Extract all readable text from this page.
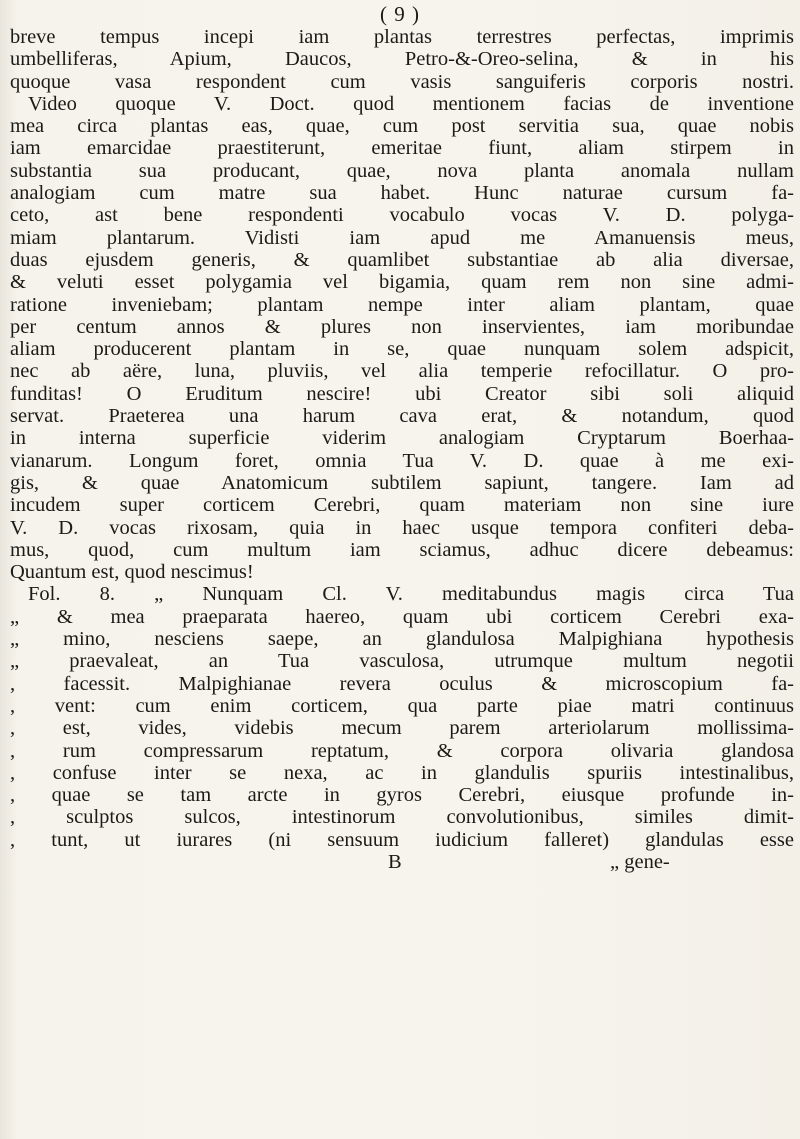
( 9 )
breve tempus incepi iam plantas terrestres perfectas, imprimis
umbelliferas, Apium, Daucos, Petro-&-Oreo-selina, & in his
quoque vasa respondent cum vasis sanguiferis corporis nostri.
Video quoque V. Doct. quod mentionem facias de inventione
mea circa plantas eas, quae, cum post servitia sua, quae nobis
iam emarcidae praestiterunt, emeritae fiunt, aliam stirpem in
substantia sua producant, quae, nova planta anomala nullam
analogiam cum matre sua habet. Hunc naturae cursum fa-
ceto, ast bene respondenti vocabulo vocas V. D. polyga-
miam plantarum. Vidisti iam apud me Amanuensis meus,
duas ejusdem generis, & quamlibet substantiae ab alia diversae,
& veluti esset polygamia vel bigamia, quam rem non sine admi-
ratione inveniebam; plantam nempe inter aliam plantam, quae
per centum annos & plures non inservientes, iam moribundae
aliam producerent plantam in se, quae nunquam solem adspicit,
nec ab aëre, luna, pluviis, vel alia temperie refocillatur. O pro-
funditas! O Eruditum nescire! ubi Creator sibi soli aliquid
servat. Praeterea una harum cava erat, & notandum, quod
in interna superficie viderim analogiam Cryptarum Boerhaa-
vianarum. Longum foret, omnia Tua V. D. quae à me exi-
gis, & quae Anatomicum subtilem sapiunt, tangere. Iam ad
incudem super corticem Cerebri, quam materiam non sine iure
V. D. vocas rixosam, quia in haec usque tempora confiteri deba-
mus, quod, cum multum iam sciamus, adhuc dicere debeamus:
Quantum est, quod nescimus!
Fol. 8. „ Nunquam Cl. V. meditabundus magis circa Tua
„ & mea praeparata haereo, quam ubi corticem Cerebri exa-
„ mino, nesciens saepe, an glandulosa Malpighiana hypothesis
„ praevaleat, an Tua vasculosa, utrumque multum negotii
, facessit. Malpighianae revera oculus & microscopium fa-
, vent: cum enim corticem, qua parte piae matri continuus
, est, vides, videbis mecum parem arteriolarum mollissima-
, rum compressarum reptatum, & corpora olivaria glandosa
, confuse inter se nexa, ac in glandulis spuriis intestinalibus,
, quae se tam arcte in gyros Cerebri, eiusque profunde in-
, sculptos sulcos, intestinorum convolutionibus, similes dimit-
, tunt, ut iurares (ni sensuum iudicium falleret) glandulas esse
B	„ gene-
